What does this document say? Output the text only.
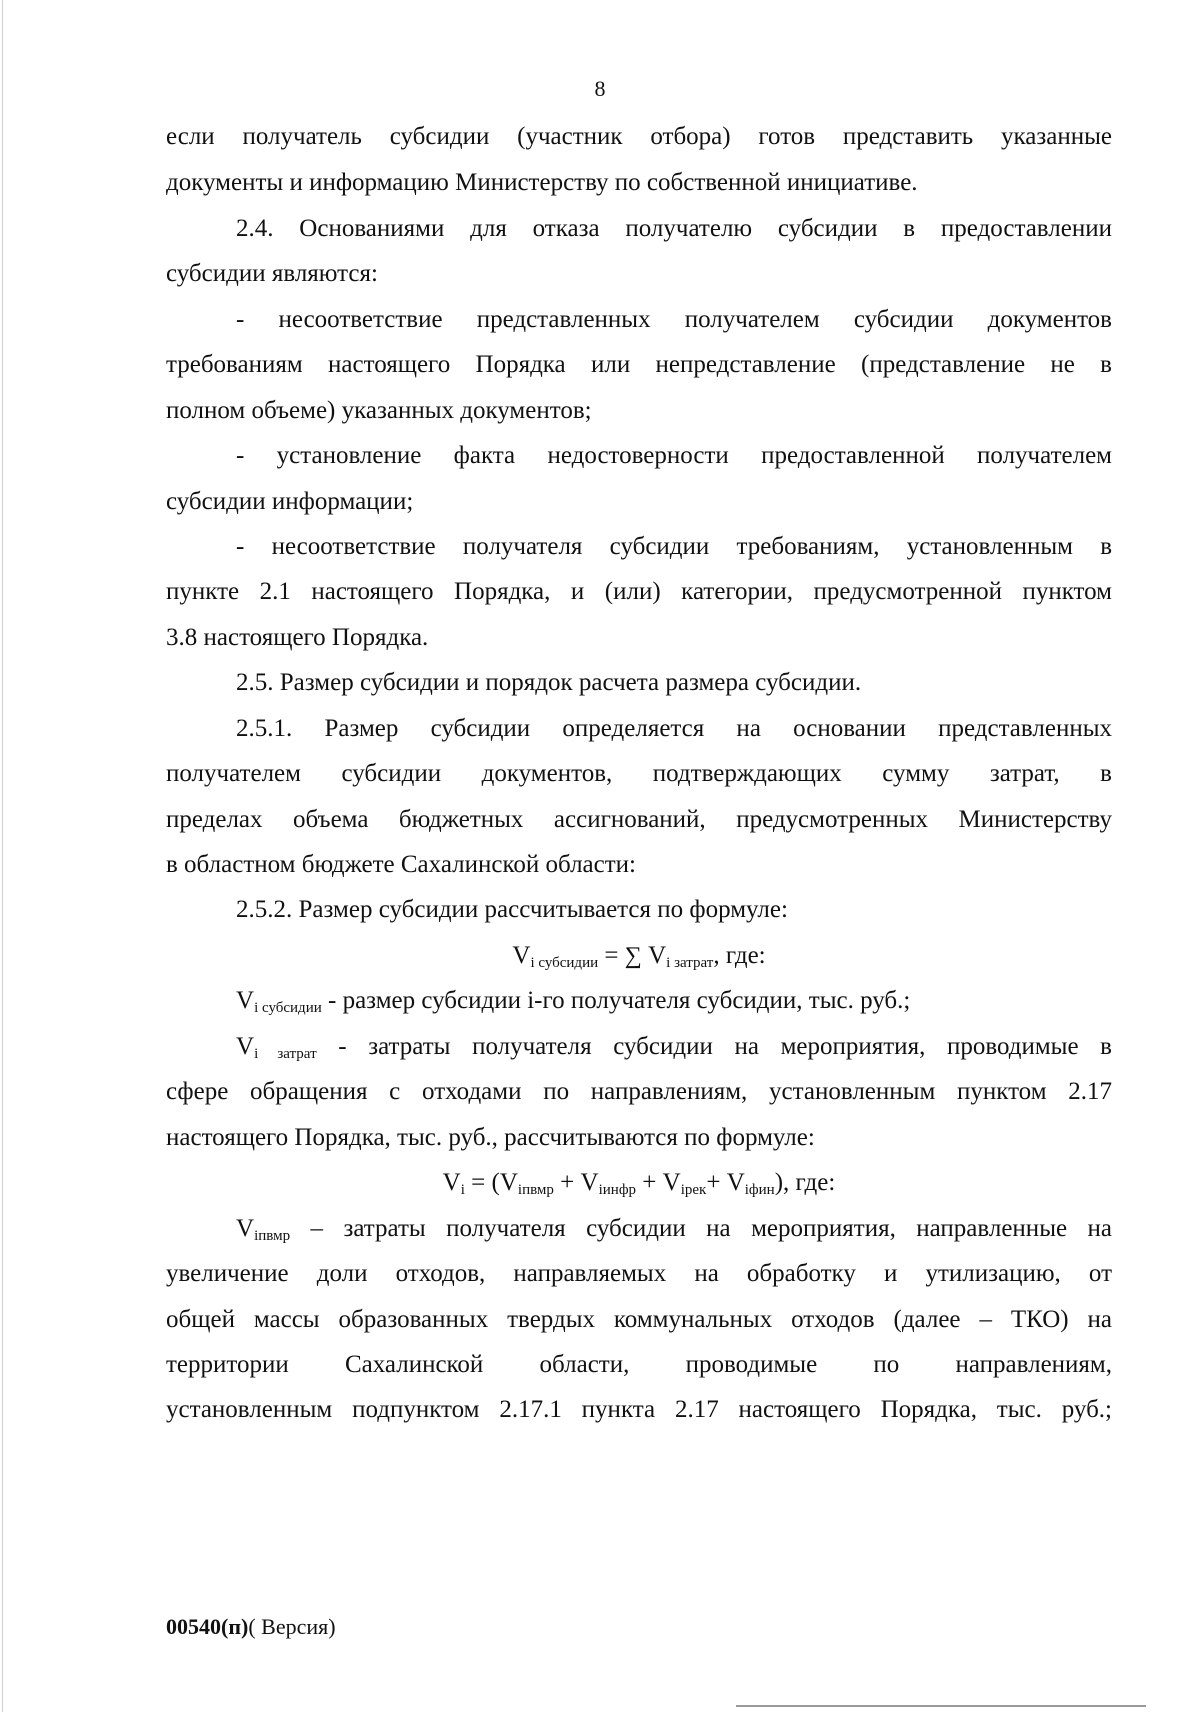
8
если получатель субсидии (участник отбора) готов представить указанные
документы и информацию Министерству по собственной инициативе.
2.4. Основаниями для отказа получателю субсидии в предоставлении
субсидии являются:
- несоответствие представленных получателем субсидии документов
требованиям настоящего Порядка или непредставление (представление не в
полном объеме) указанных документов;
- установление факта недостоверности предоставленной получателем
субсидии информации;
- несоответствие получателя субсидии требованиям, установленным в
пункте 2.1 настоящего Порядка, и (или) категории, предусмотренной пунктом
3.8 настоящего Порядка.
2.5. Размер субсидии и порядок расчета размера субсидии.
2.5.1. Размер субсидии определяется на основании представленных
получателем субсидии документов, подтверждающих сумму затрат, в
пределах объема бюджетных ассигнований, предусмотренных Министерству
в областном бюджете Сахалинской области:
2.5.2. Размер субсидии рассчитывается по формуле:
$V_{i субсидии}$ = ∑ $V_{i затрат}$, где:
$V_{i субсидии}$ - размер субсидии i-го получателя субсидии, тыс. руб.;
$V_{i затрат}$ - затраты получателя субсидии на мероприятия, проводимые в
сфере обращения с отходами по направлениям, установленным пунктом 2.17
настоящего Порядка, тыс. руб., рассчитываются по формуле:
$V_i = (V_{iпвмр} + V_{iинфр} + V_{iрек}+ V_{iфин})$, где:
$V_{iпвмр}$ – затраты получателя субсидии на мероприятия, направленные на
увеличение доли отходов, направляемых на обработку и утилизацию, от
общей массы образованных твердых коммунальных отходов (далее – ТКО) на
территории Сахалинской области, проводимые по направлениям,
установленным подпунктом 2.17.1 пункта 2.17 настоящего Порядка, тыс. руб.;
00540(п)( Версия)
